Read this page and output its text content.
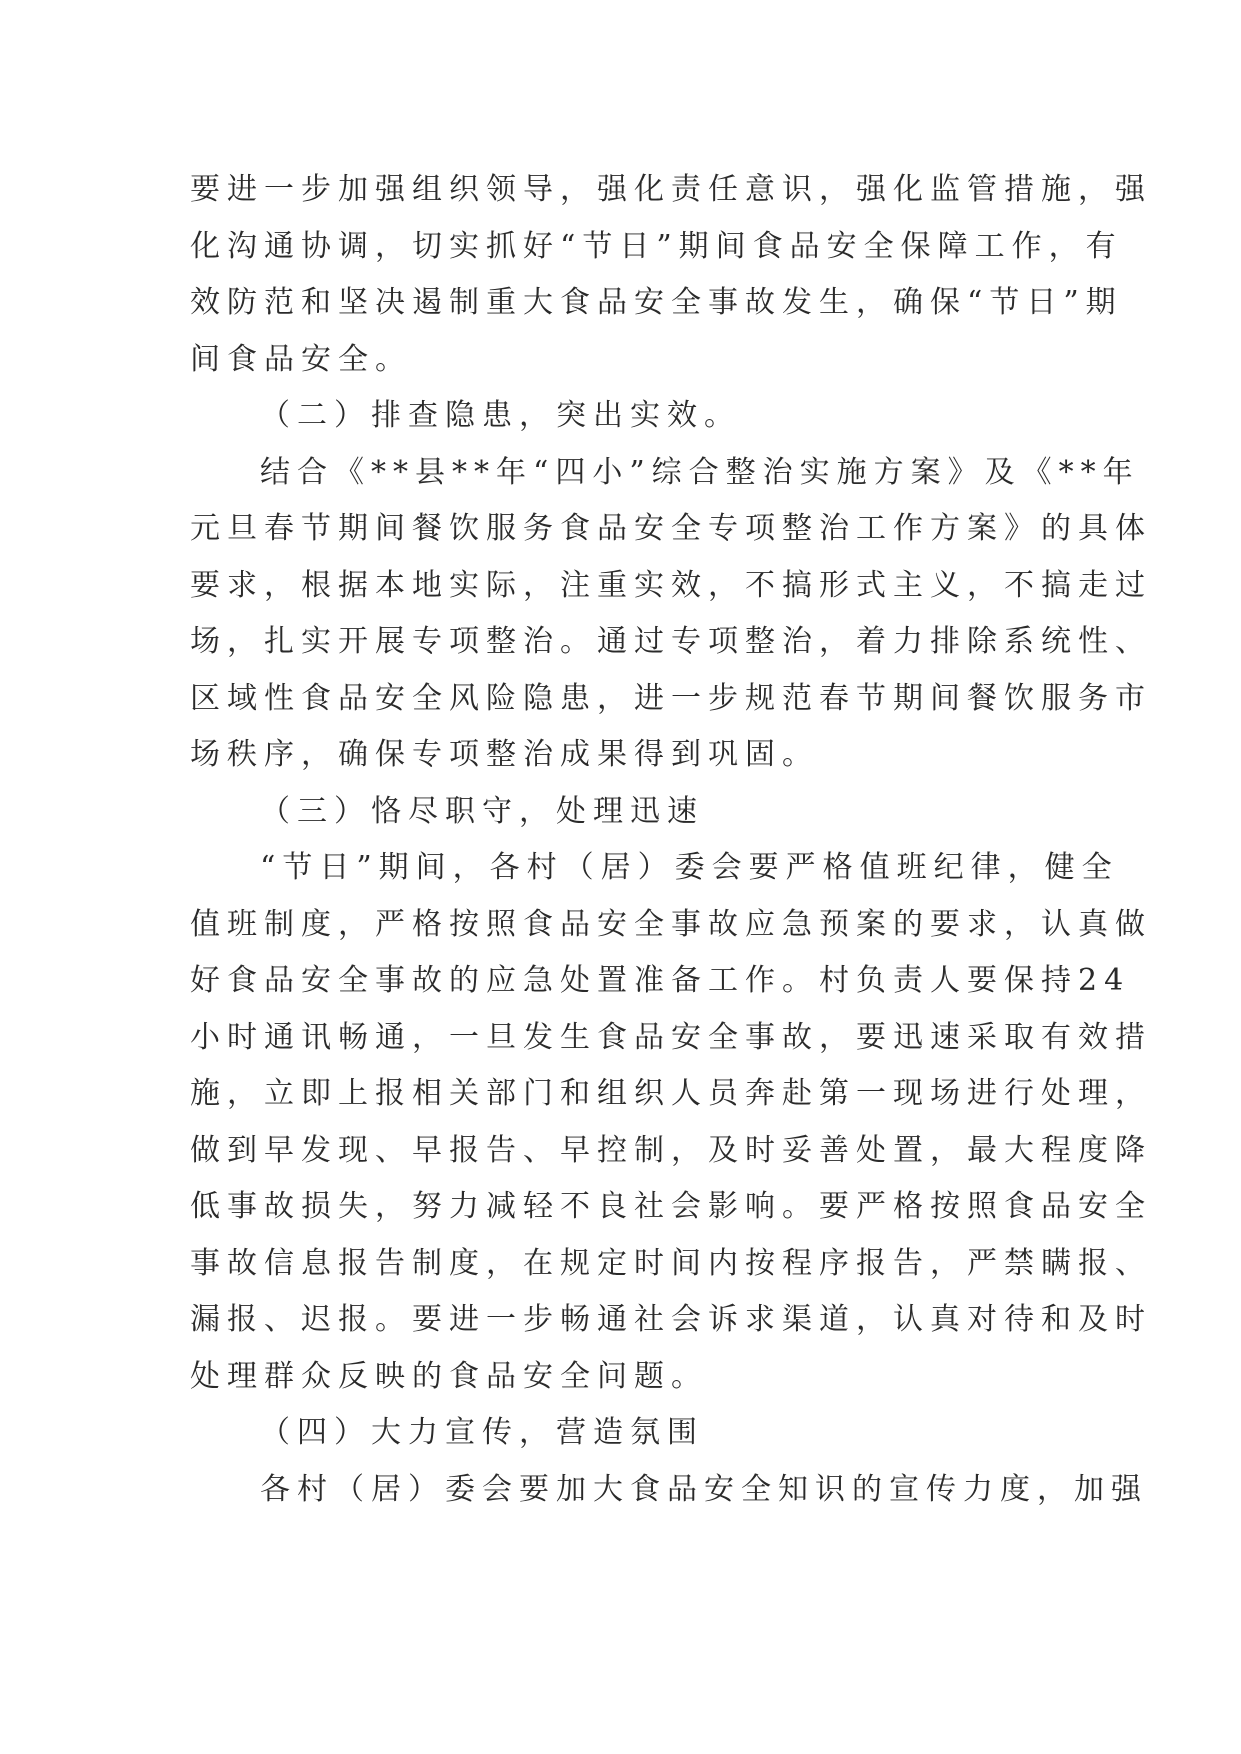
要进一步加强组织领导，强化责任意识，强化监管措施，强
化沟通协调，切实抓好“节日”期间食品安全保障工作，有
效防范和坚决遏制重大食品安全事故发生，确保“节日”期
间食品安全。
（二）排查隐患，突出实效。
结合《**县**年“四小”综合整治实施方案》及《**年
元旦春节期间餐饮服务食品安全专项整治工作方案》的具体
要求，根据本地实际，注重实效，不搞形式主义，不搞走过
场，扎实开展专项整治。通过专项整治，着力排除系统性、
区域性食品安全风险隐患，进一步规范春节期间餐饮服务市
场秩序，确保专项整治成果得到巩固。
（三）恪尽职守，处理迅速
“节日”期间，各村（居）委会要严格值班纪律，健全
值班制度，严格按照食品安全事故应急预案的要求，认真做
好食品安全事故的应急处置准备工作。村负责人要保持24
小时通讯畅通，一旦发生食品安全事故，要迅速采取有效措
施，立即上报相关部门和组织人员奔赴第一现场进行处理，
做到早发现、早报告、早控制，及时妥善处置，最大程度降
低事故损失，努力减轻不良社会影响。要严格按照食品安全
事故信息报告制度，在规定时间内按程序报告，严禁瞒报、
漏报、迟报。要进一步畅通社会诉求渠道，认真对待和及时
处理群众反映的食品安全问题。
（四）大力宣传，营造氛围
各村（居）委会要加大食品安全知识的宣传力度，加强
